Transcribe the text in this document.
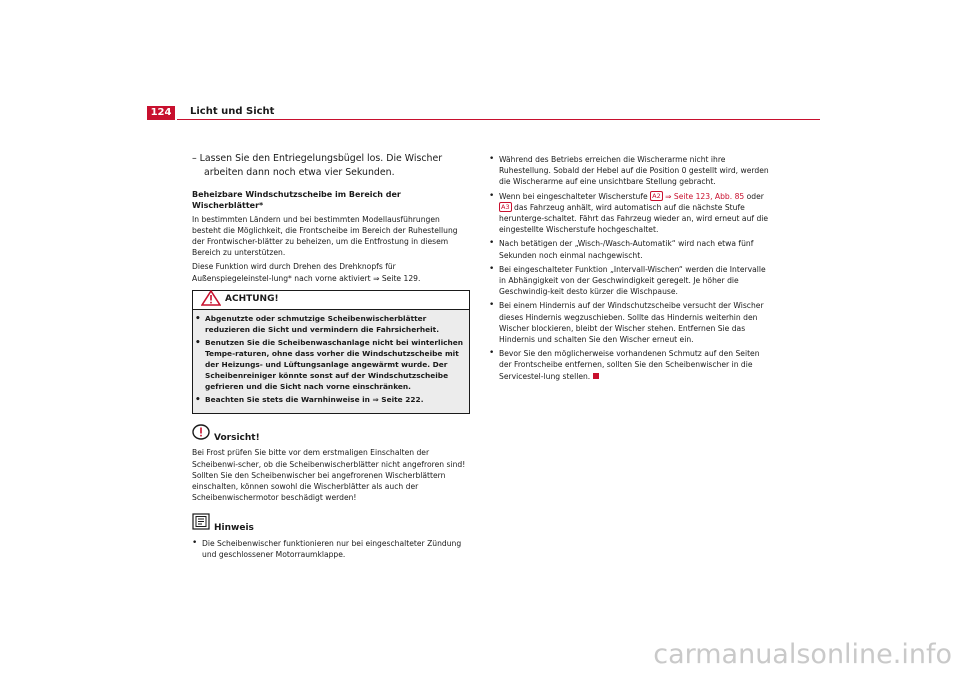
124	Licht und Sicht

– Lassen Sie den Entriegelungsbügel los. Die Wischer arbeiten dann noch etwa vier Sekunden.

Beheizbare Windschutzscheibe im Bereich der Wischerblätter*

In bestimmten Ländern und bei bestimmten Modellausführungen besteht die Möglichkeit, die Frontscheibe im Bereich der Ruhestellung der Frontwischer-blätter zu beheizen, um die Entfrostung in diesem Bereich zu unterstützen.

Diese Funktion wird durch Drehen des Drehknopfs für Außenspiegeleinstel-lung* nach vorne aktiviert ⇒ Seite 129.

ACHTUNG!
• Abgenutzte oder schmutzige Scheibenwischerblätter reduzieren die Sicht und vermindern die Fahrsicherheit.
• Benutzen Sie die Scheibenwaschanlage nicht bei winterlichen Tempe-raturen, ohne dass vorher die Windschutzscheibe mit der Heizungs- und Lüftungsanlage angewärmt wurde. Der Scheibenreiniger könnte sonst auf der Windschutzscheibe gefrieren und die Sicht nach vorne einschränken.
• Beachten Sie stets die Warnhinweise in ⇒ Seite 222.
Vorsicht!

Bei Frost prüfen Sie bitte vor dem erstmaligen Einschalten der Scheibenwi-scher, ob die Scheibenwischerblätter nicht angefroren sind! Sollten Sie den Scheibenwischer bei angefrorenen Wischerblättern einschalten, können sowohl die Wischerblätter als auch der Scheibenwischermotor beschädigt werden!

Hinweis
• Die Scheibenwischer funktionieren nur bei eingeschalteter Zündung und geschlossener Motorraumklappe.
• Während des Betriebs erreichen die Wischerarme nicht ihre Ruhestellung. Sobald der Hebel auf die Position 0 gestellt wird, werden die Wischerarme auf eine unsichtbare Stellung gebracht.
• Wenn bei eingeschalteter Wischerstufe A2 ⇒ Seite 123, Abb. 85 oder A3 das Fahrzeug anhält, wird automatisch auf die nächste Stufe herunterge-schaltet. Fährt das Fahrzeug wieder an, wird erneut auf die eingestellte Wischerstufe hochgeschaltet.
• Nach betätigen der „Wisch-/Wasch-Automatik“ wird nach etwa fünf Sekunden noch einmal nachgewischt.
• Bei eingeschalteter Funktion „Intervall-Wischen“ werden die Intervalle in Abhängigkeit von der Geschwindigkeit geregelt. Je höher die Geschwindig-keit desto kürzer die Wischpause.
• Bei einem Hindernis auf der Windschutzscheibe versucht der Wischer dieses Hindernis wegzuschieben. Sollte das Hindernis weiterhin den Wischer blockieren, bleibt der Wischer stehen. Entfernen Sie das Hindernis und schalten Sie den Wischer erneut ein.
• Bevor Sie den möglicherweise vorhandenen Schmutz auf den Seiten der Frontscheibe entfernen, sollten Sie den Scheibenwischer in die Servicestel-lung stellen.
carmanualsonline.info
